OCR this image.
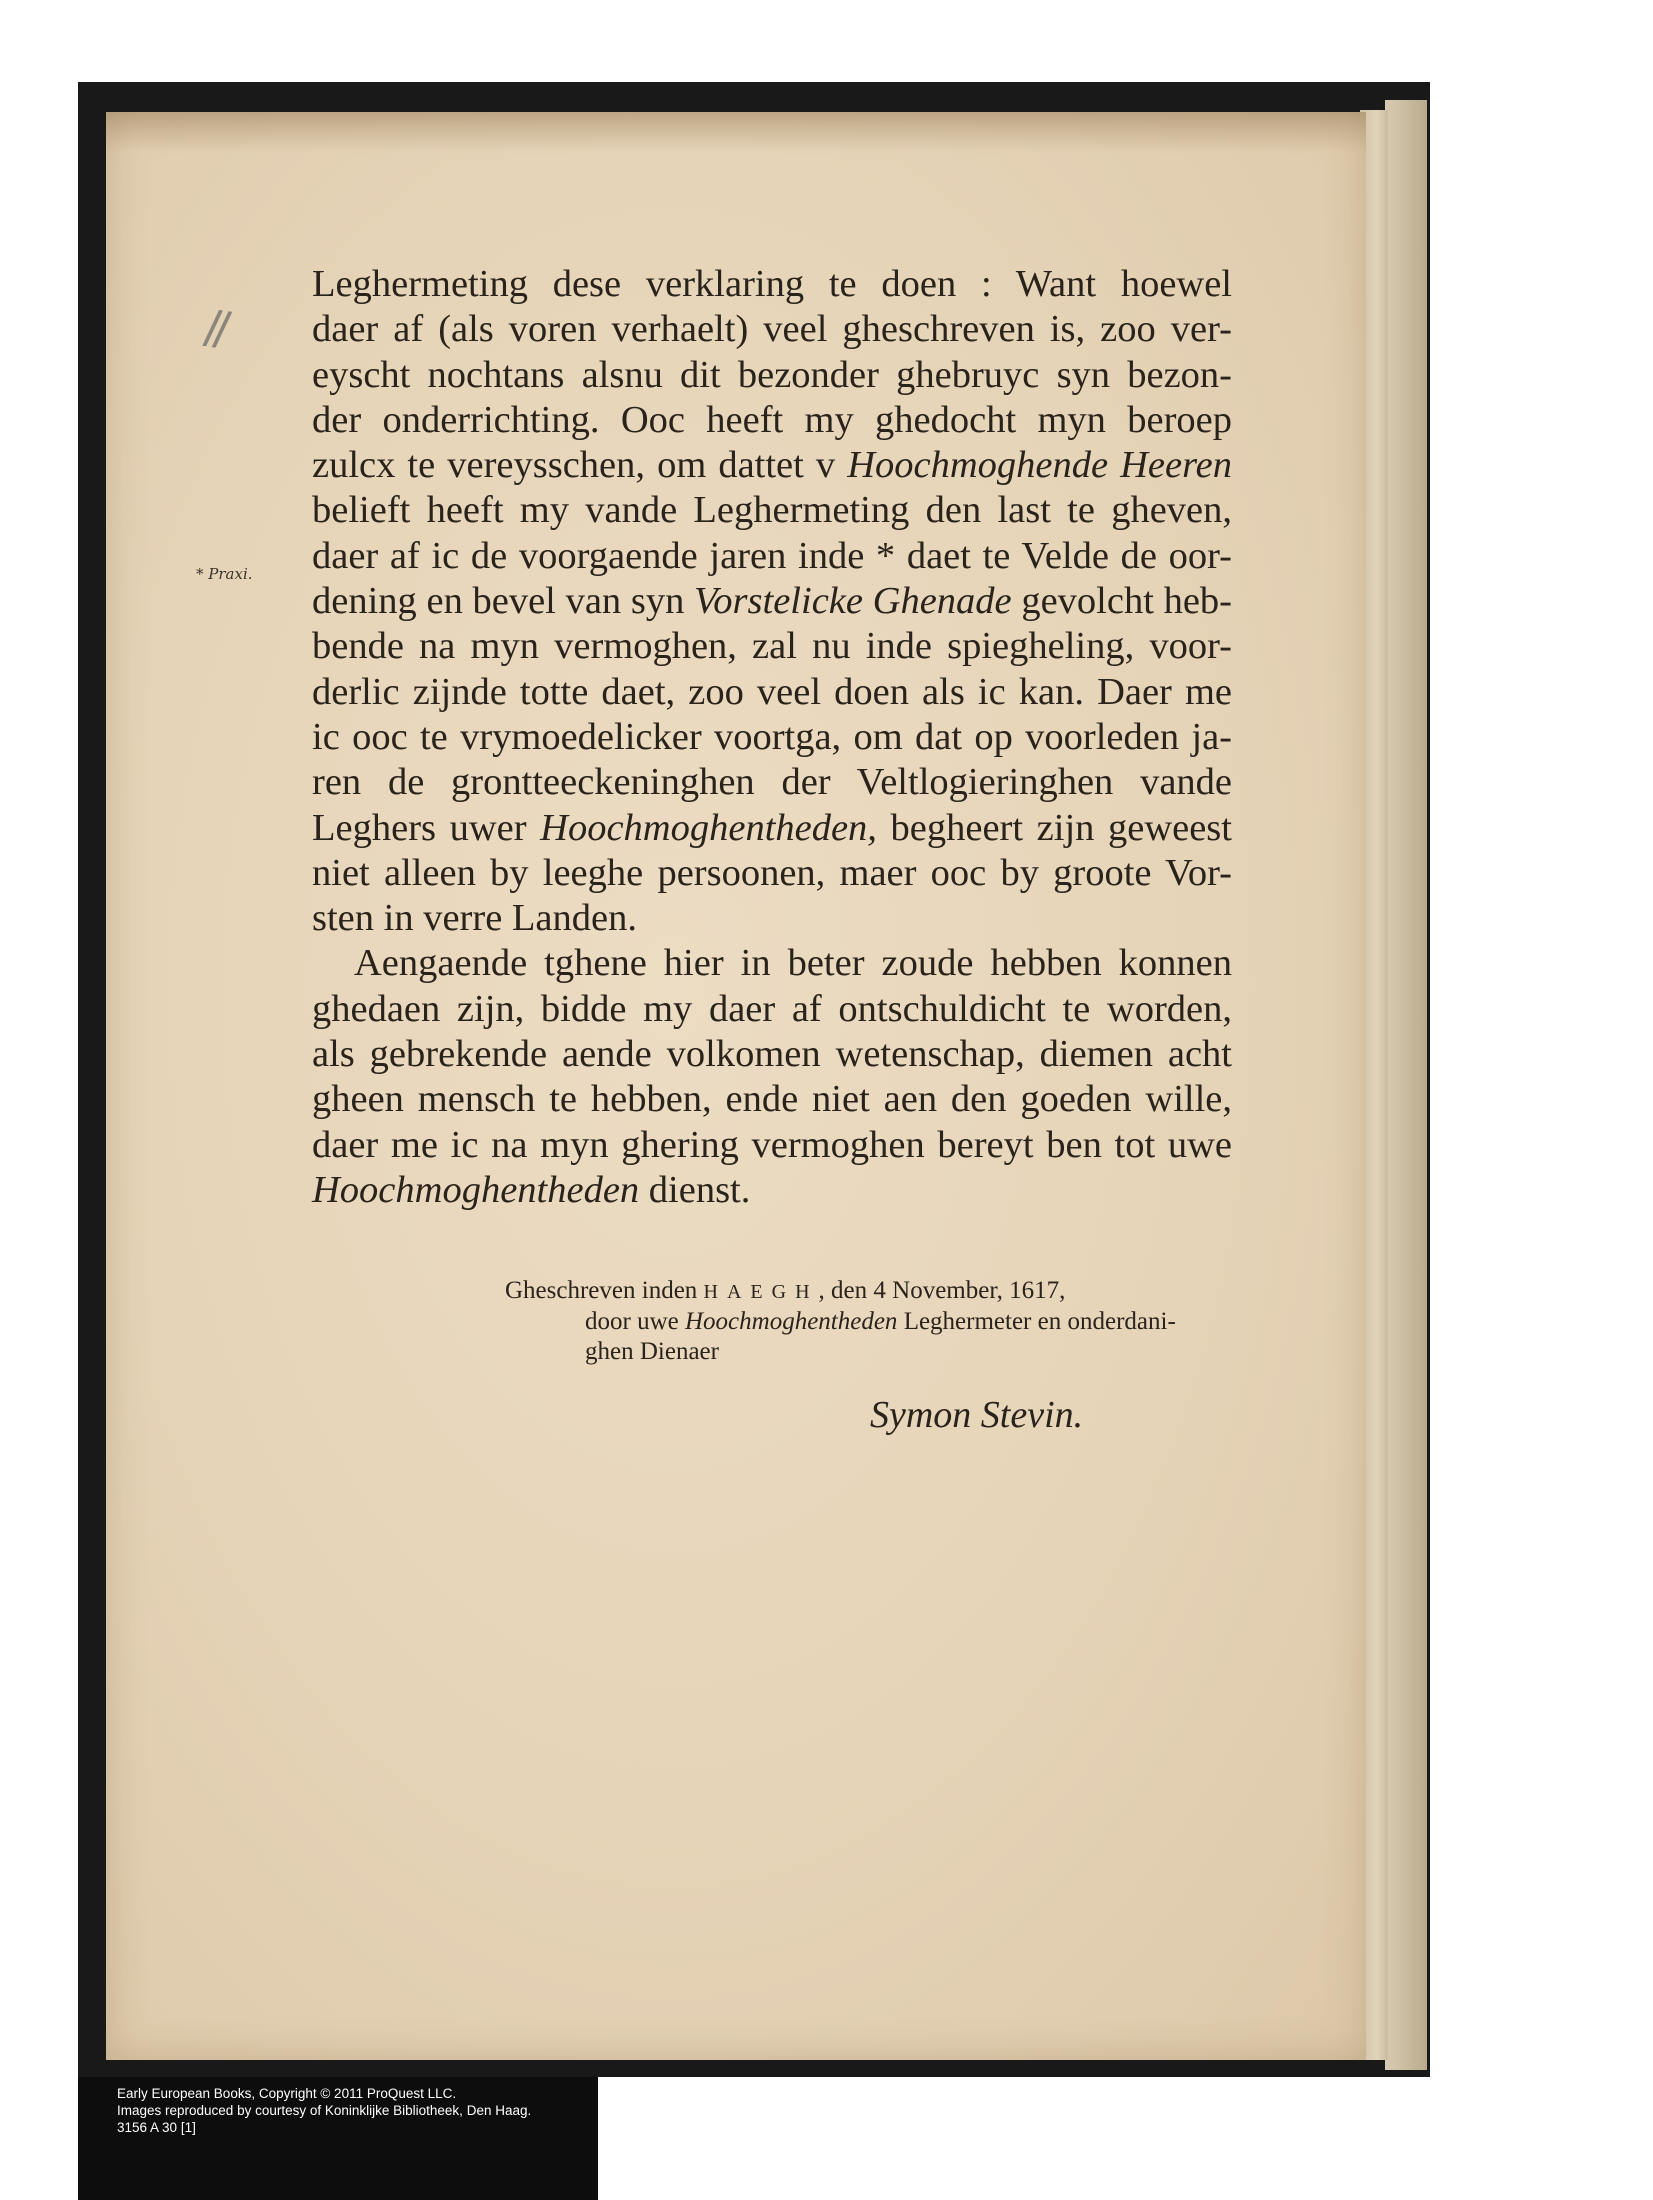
//
* Praxi.
Leghermeting dese verklaring te doen : Want hoewel
daer af (als voren verhaelt) veel gheschreven is, zoo ver-
eyscht nochtans alsnu dit bezonder ghebruyc syn bezon-
der onderrichting. Ooc heeft my ghedocht myn beroep
zulcx te vereysschen, om dattet v Hoochmoghende Heeren
belieft heeft my vande Leghermeting den last te gheven,
daer af ic de voorgaende jaren inde * daet te Velde de oor-
dening en bevel van syn Vorstelicke Ghenade gevolcht heb-
bende na myn vermoghen, zal nu inde spiegheling, voor-
derlic zijnde totte daet, zoo veel doen als ic kan. Daer me
ic ooc te vrymoedelicker voortga, om dat op voorleden ja-
ren de grontteeckeninghen der Veltlogieringhen vande
Leghers uwer Hoochmoghentheden, begheert zijn geweest
niet alleen by leeghe persoonen, maer ooc by groote Vor-
sten in verre Landen.
Aengaende tghene hier in beter zoude hebben konnen
ghedaen zijn, bidde my daer af ontschuldicht te worden,
als gebrekende aende volkomen wetenschap, diemen acht
gheen mensch te hebben, ende niet aen den goeden wille,
daer me ic na myn ghering vermoghen bereyt ben tot uwe
Hoochmoghentheden dienst.
Gheschreven inden HAEGH, den 4 November, 1617,
door uwe Hoochmoghentheden Leghermeter en onderdani-
ghen Dienaer
Symon Stevin.
Early European Books, Copyright © 2011 ProQuest LLC.
Images reproduced by courtesy of Koninklijke Bibliotheek, Den Haag.
3156 A 30 [1]
